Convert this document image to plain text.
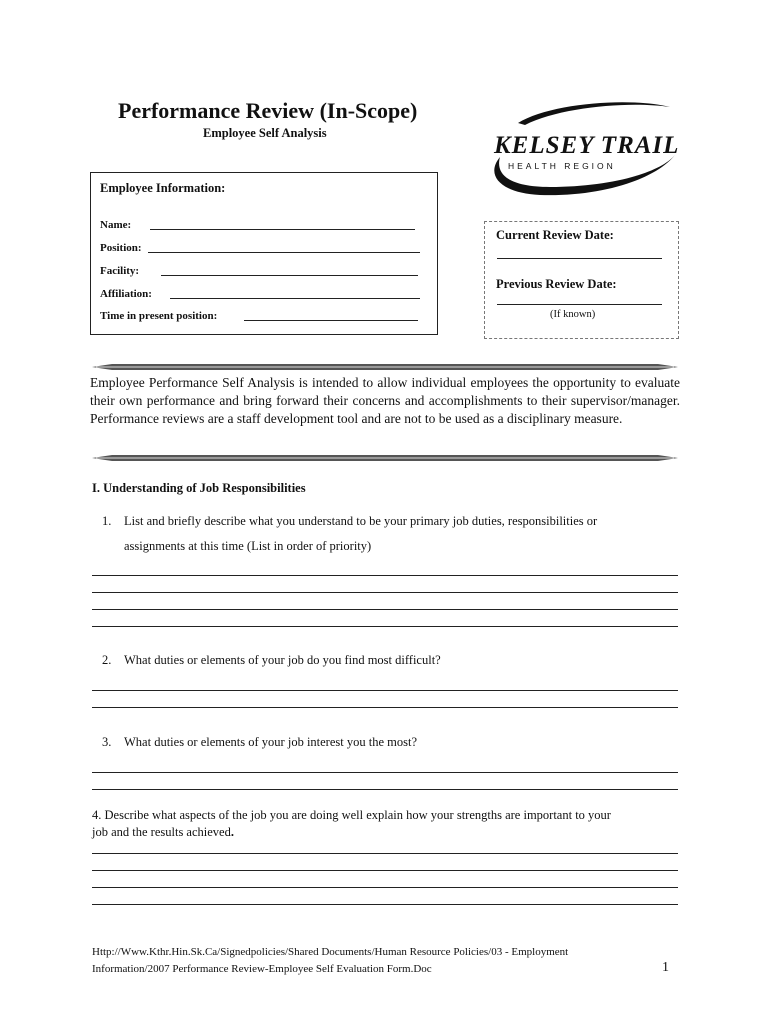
Performance Review (In-Scope)
Employee Self Analysis	KELSEY TRAIL
HEALTH REGION
Employee Information:
Name:
Position:
Facility:
Affiliation:
Time in present position:
Current Review Date:
Previous Review Date:
(If known)
Employee Performance Self Analysis is intended to allow individual employees the opportunity to evaluate their own performance and bring forward their concerns and accomplishments to their supervisor/manager. Performance reviews are a staff development tool and are not to be used as a disciplinary measure.
I. Understanding of Job Responsibilities
1. List and briefly describe what you understand to be your primary job duties, responsibilities or
assignments at this time (List in order of priority)
2. What duties or elements of your job do you find most difficult?
3. What duties or elements of your job interest you the most?
4. Describe what aspects of the job you are doing well explain how your strengths are important to your
job and the results achieved.
Http://Www.Kthr.Hin.Sk.Ca/Signedpolicies/Shared Documents/Human Resource Policies/03 - Employment
Information/2007 Performance Review-Employee Self Evaluation Form.Doc	1
